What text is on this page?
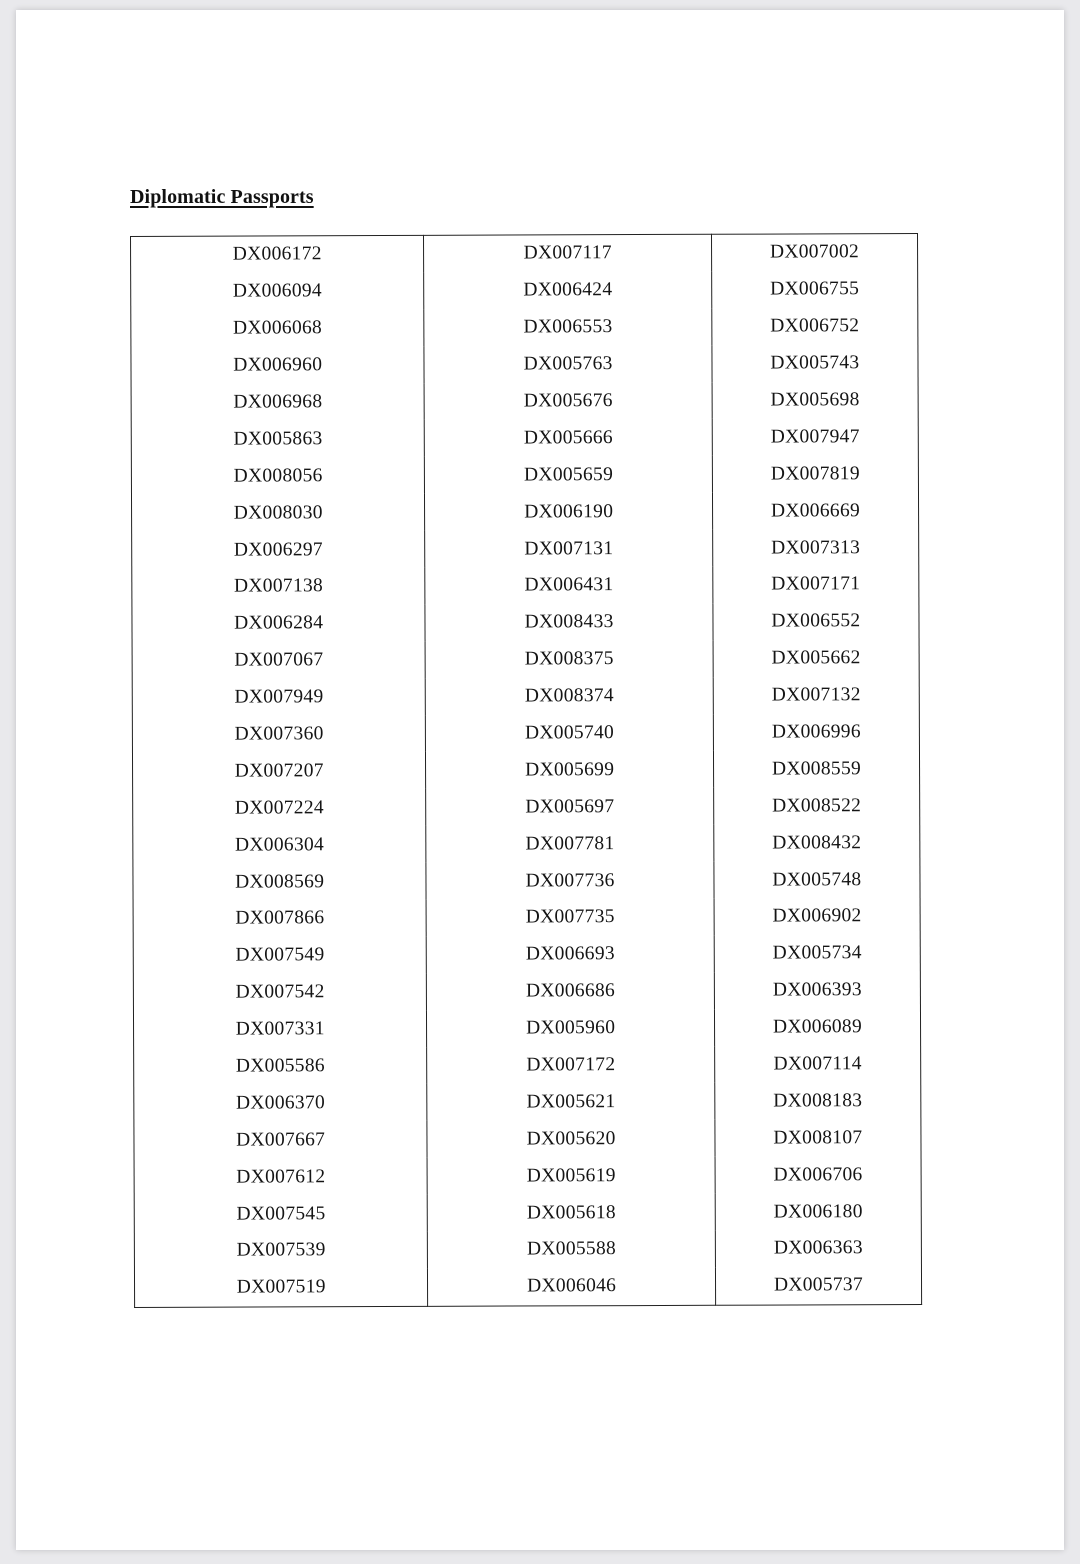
Diplomatic Passports
DX006172	DX007117	DX007002
DX006094	DX006424	DX006755
DX006068	DX006553	DX006752
DX006960	DX005763	DX005743
DX006968	DX005676	DX005698
DX005863	DX005666	DX007947
DX008056	DX005659	DX007819
DX008030	DX006190	DX006669
DX006297	DX007131	DX007313
DX007138	DX006431	DX007171
DX006284	DX008433	DX006552
DX007067	DX008375	DX005662
DX007949	DX008374	DX007132
DX007360	DX005740	DX006996
DX007207	DX005699	DX008559
DX007224	DX005697	DX008522
DX006304	DX007781	DX008432
DX008569	DX007736	DX005748
DX007866	DX007735	DX006902
DX007549	DX006693	DX005734
DX007542	DX006686	DX006393
DX007331	DX005960	DX006089
DX005586	DX007172	DX007114
DX006370	DX005621	DX008183
DX007667	DX005620	DX008107
DX007612	DX005619	DX006706
DX007545	DX005618	DX006180
DX007539	DX005588	DX006363
DX007519	DX006046	DX005737
